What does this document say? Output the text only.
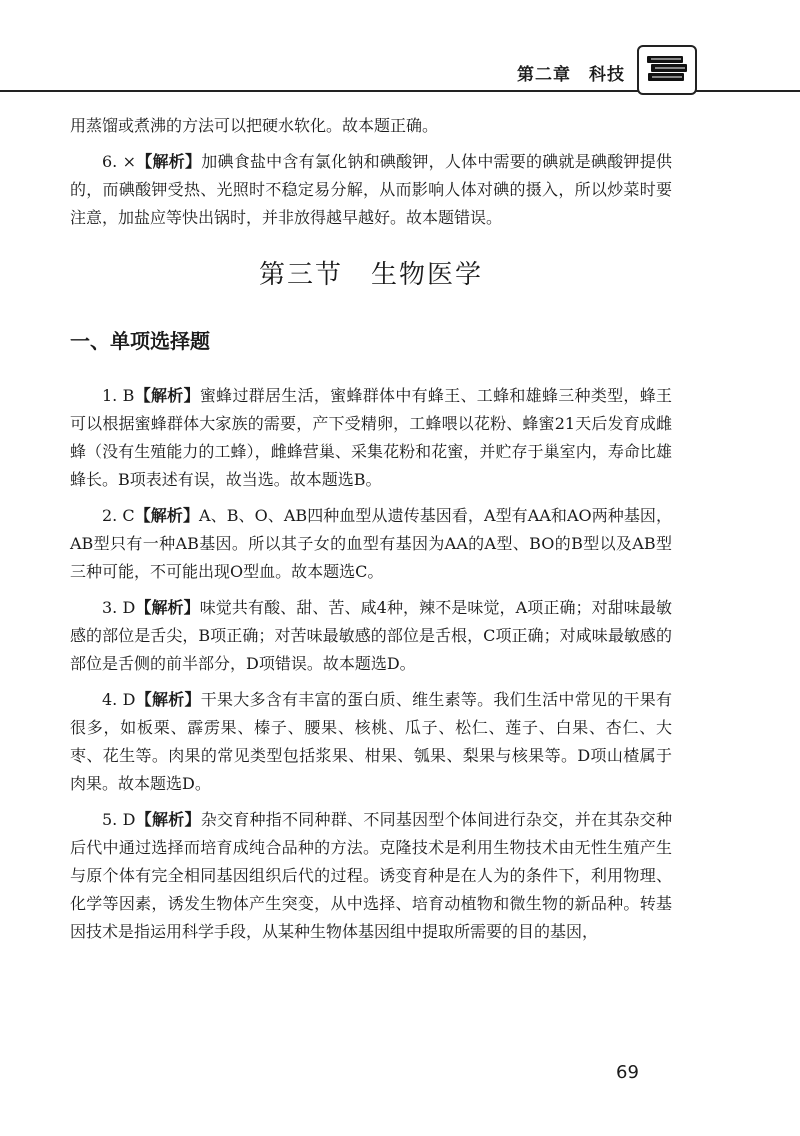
第二章　科技

用蒸馏或煮沸的方法可以把硬水软化。故本题正确。

6. ×【解析】加碘食盐中含有氯化钠和碘酸钾，人体中需要的碘就是碘酸钾提供的，而碘酸钾受热、光照时不稳定易分解，从而影响人体对碘的摄入，所以炒菜时要注意，加盐应等快出锅时，并非放得越早越好。故本题错误。

第三节　生物医学
一、单项选择题

1. B【解析】蜜蜂过群居生活，蜜蜂群体中有蜂王、工蜂和雄蜂三种类型，蜂王可以根据蜜蜂群体大家族的需要，产下受精卵，工蜂喂以花粉、蜂蜜21天后发育成雌蜂（没有生殖能力的工蜂），雌蜂营巢、采集花粉和花蜜，并贮存于巢室内，寿命比雄蜂长。B项表述有误，故当选。故本题选B。

2. C【解析】A、B、O、AB四种血型从遗传基因看，A型有AA和AO两种基因，AB型只有一种AB基因。所以其子女的血型有基因为AA的A型、BO的B型以及AB型三种可能，不可能出现O型血。故本题选C。

3. D【解析】味觉共有酸、甜、苦、咸4种，辣不是味觉，A项正确；对甜味最敏感的部位是舌尖，B项正确；对苦味最敏感的部位是舌根，C项正确；对咸味最敏感的部位是舌侧的前半部分，D项错误。故本题选D。

4. D【解析】干果大多含有丰富的蛋白质、维生素等。我们生活中常见的干果有很多，如板栗、霹雳果、榛子、腰果、核桃、瓜子、松仁、莲子、白果、杏仁、大枣、花生等。肉果的常见类型包括浆果、柑果、瓠果、梨果与核果等。D项山楂属于肉果。故本题选D。

5. D【解析】杂交育种指不同种群、不同基因型个体间进行杂交，并在其杂交种后代中通过选择而培育成纯合品种的方法。克隆技术是利用生物技术由无性生殖产生与原个体有完全相同基因组织后代的过程。诱变育种是在人为的条件下，利用物理、化学等因素，诱发生物体产生突变，从中选择、培育动植物和微生物的新品种。转基因技术是指运用科学手段，从某种生物体基因组中提取所需要的目的基因，

69
